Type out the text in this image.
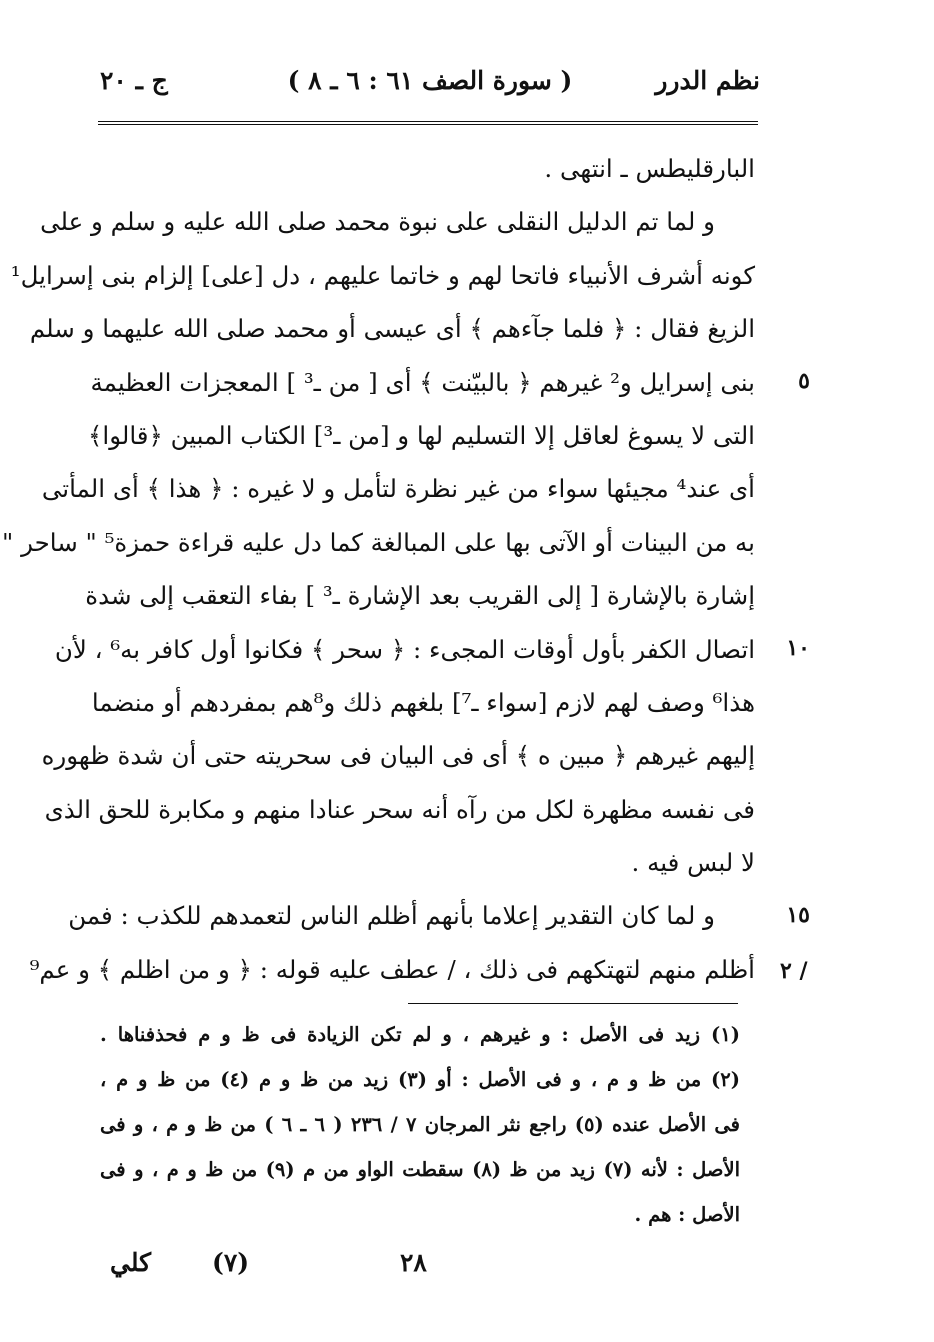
نظم الدرر
( سورة الصف ٦١ : ٦ ـ ٨ )
ج ـ ٢٠
البارقليطس ـ انتهى .
و لما تم الدليل النقلى على نبوة محمد صلى الله عليه و سلم و على
كونه أشرف الأنبياء فاتحا لهم و خاتما عليهم ، دل [على] إلزام بنى إسرايل¹
الزيغ فقال : ﴿ فلما جآءهم ﴾ أى عيسى أو محمد صلى الله عليهما و سلم
بنى إسرايل و² غيرهم ﴿ بالبيّنت ﴾ أى [ من ـ³ ] المعجزات العظيمة
التى لا يسوغ لعاقل إلا التسليم لها و [من ـ³] الكتاب المبين ﴿قالوا﴾
أى عند⁴ مجيئها سواء من غير نظرة لتأمل و لا غيره : ﴿ هذا ﴾ أى المأتى
به من البينات أو الآتى بها على المبالغة كما دل عليه قراءة حمزة⁵ " ساحر "
إشارة بالإشارة [ إلى القريب بعد الإشارة ـ³ ] بفاء التعقب إلى شدة
اتصال الكفر بأول أوقات المجىء : ﴿ سحر ﴾ فكانوا أول كافر به⁶ ، لأن
هذا⁶ وصف لهم لازم [سواء ـ⁷] بلغهم ذلك و⁸هم بمفردهم أو منضما
إليهم غيرهم ﴿ مبين ه ﴾ أى فى البيان فى سحريته حتى أن شدة ظهوره
فى نفسه مظهرة لكل من رآه أنه سحر عنادا منهم و مكابرة للحق الذى
لا لبس فيه .
و لما كان التقدير إعلاما بأنهم أظلم الناس لتعمدهم للكذب : فمن
أظلم منهم لتهتكهم فى ذلك ، / عطف عليه قوله : ﴿ و من اظلم ﴾ و عم⁹
٥
١٠
١٥
٢ /
(١) زيد فى الأصل : و غيرهم ، و لم تكن الزيادة فى ظ و م فحذفناها .
(٢) من ظ و م ، و فى الأصل : أو (٣) زيد من ظ و م (٤) من ظ و م ،
فى الأصل عنده (٥) راجع نثر المرجان ٧ / ٢٣٦ ( ٦ ـ ٦ ) من ظ و م ، و فى
الأصل : لأنه (٧) زيد من ظ (٨) سقطت الواو من م (٩) من ظ و م ، و فى
الأصل : هم .
كلي (٧)	٢٨
